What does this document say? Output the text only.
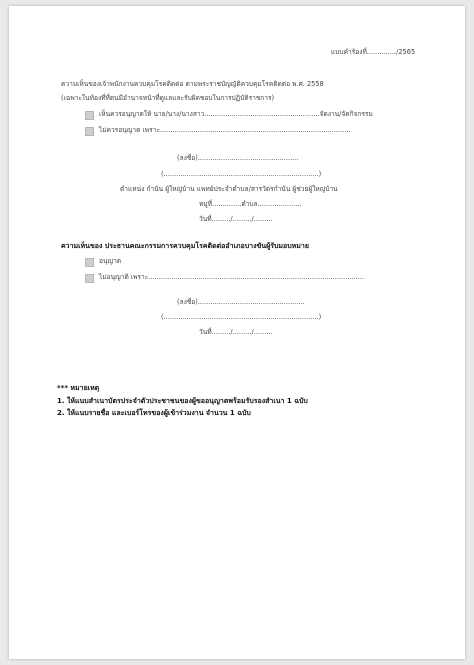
แบบคำร้องที่............../2565
ความเห็นของเจ้าพนักงานควบคุมโรคติดต่อ ตามพระราชบัญญัติควบคุมโรคติดต่อ พ.ศ. 2558
(เฉพาะในท้องที่ที่ตนมีอำนาจหน้าที่ดูแลและรับผิดชอบในการปฏิบัติราชการ)
เห็นควรอนุญาตให้ นาย/นาง/นางสาว.......................................................จัดงาน/จัดกิจกรรม
ไม่ควรอนุญาต เพราะ...........................................................................................
(ลงชื่อ)................................................
(..........................................................................)
ตำแหน่ง กำนัน ผู้ใหญ่บ้าน แพทย์ประจำตำบล/สารวัตรกำนัน ผู้ช่วยผู้ใหญ่บ้าน
หมู่ที่..............ตำบล.....................
วันที่........./........./.........
ความเห็นของ ประธานคณะกรรมการควบคุมโรคติดต่ออำเภอบางขันผู้รับมอบหมาย
อนุญาต
ไม่อนุญาติ เพราะ.......................................................................................................
(ลงชื่อ)...................................................
(..........................................................................)
วันที่........./........./.........
*** หมายเหตุ
1. ให้แนบสำเนาบัตรประจำตัวประชาชนของผู้ขออนุญาตพร้อมรับรองสำเนา 1 ฉบับ
2. ให้แนบรายชื่อ และเบอร์โทรของผู้เข้าร่วมงาน จำนวน 1 ฉบับ
